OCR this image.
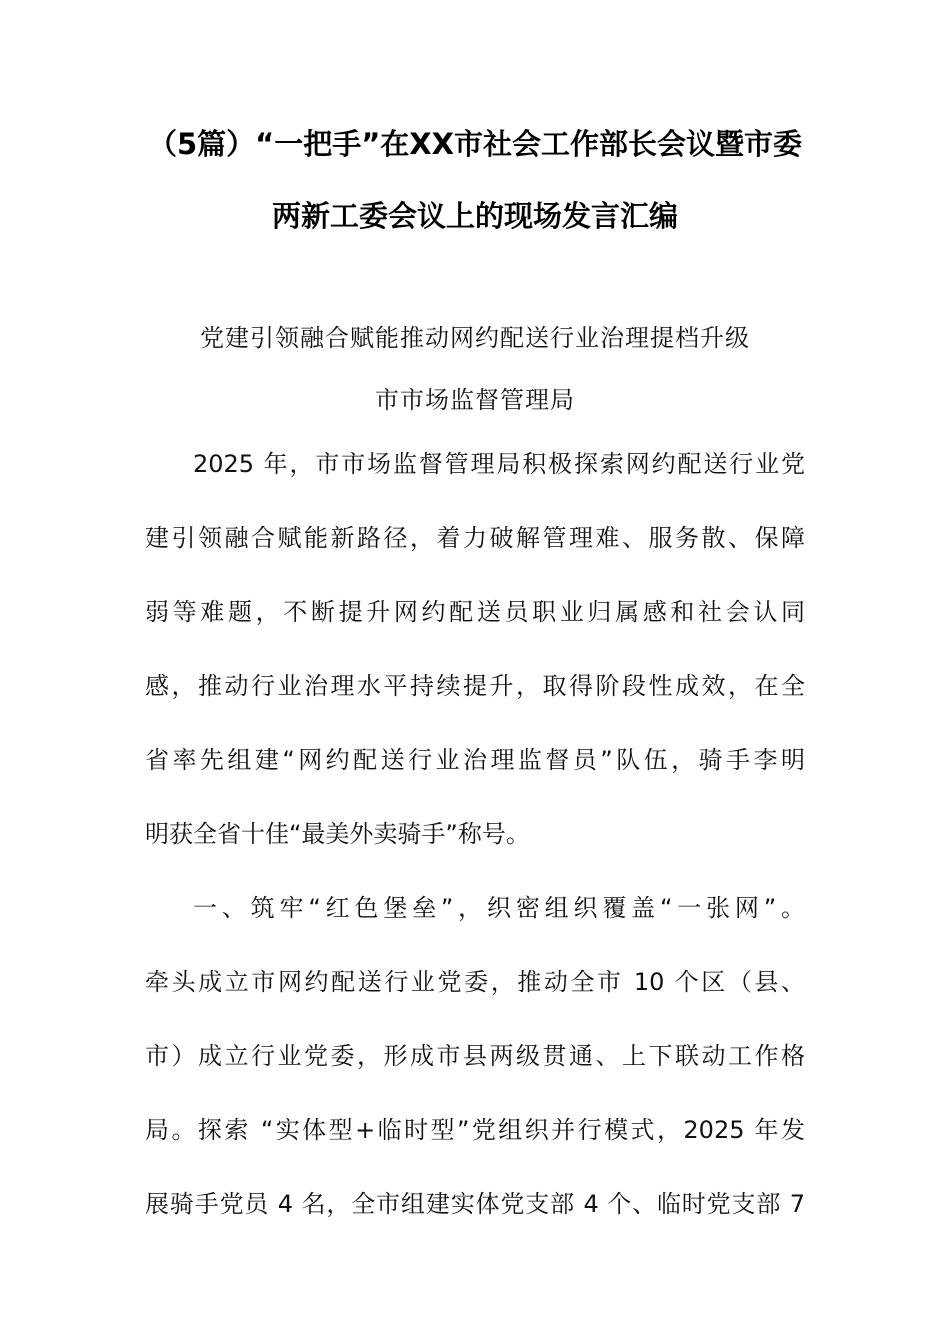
（5篇）“一把手”在XX市社会工作部长会议暨市委
两新工委会议上的现场发言汇编
党建引领融合赋能推动网约配送行业治理提档升级
市市场监督管理局
2025 年，市市场监督管理局积极探索网约配送行业党
建引领融合赋能新路径，着力破解管理难、服务散、保障
弱等难题，不断提升网约配送员职业归属感和社会认同
感，推动行业治理水平持续提升，取得阶段性成效，在全
省率先组建“网约配送行业治理监督员”队伍，骑手李明
明获全省十佳“最美外卖骑手”称号。
一、筑牢“红色堡垒”，织密组织覆盖“一张网”。
牵头成立市网约配送行业党委，推动全市 10 个区（县、
市）成立行业党委，形成市县两级贯通、上下联动工作格
局。探索 “实体型+临时型”党组织并行模式，2025 年发
展骑手党员 4 名，全市组建实体党支部 4 个、临时党支部 7
